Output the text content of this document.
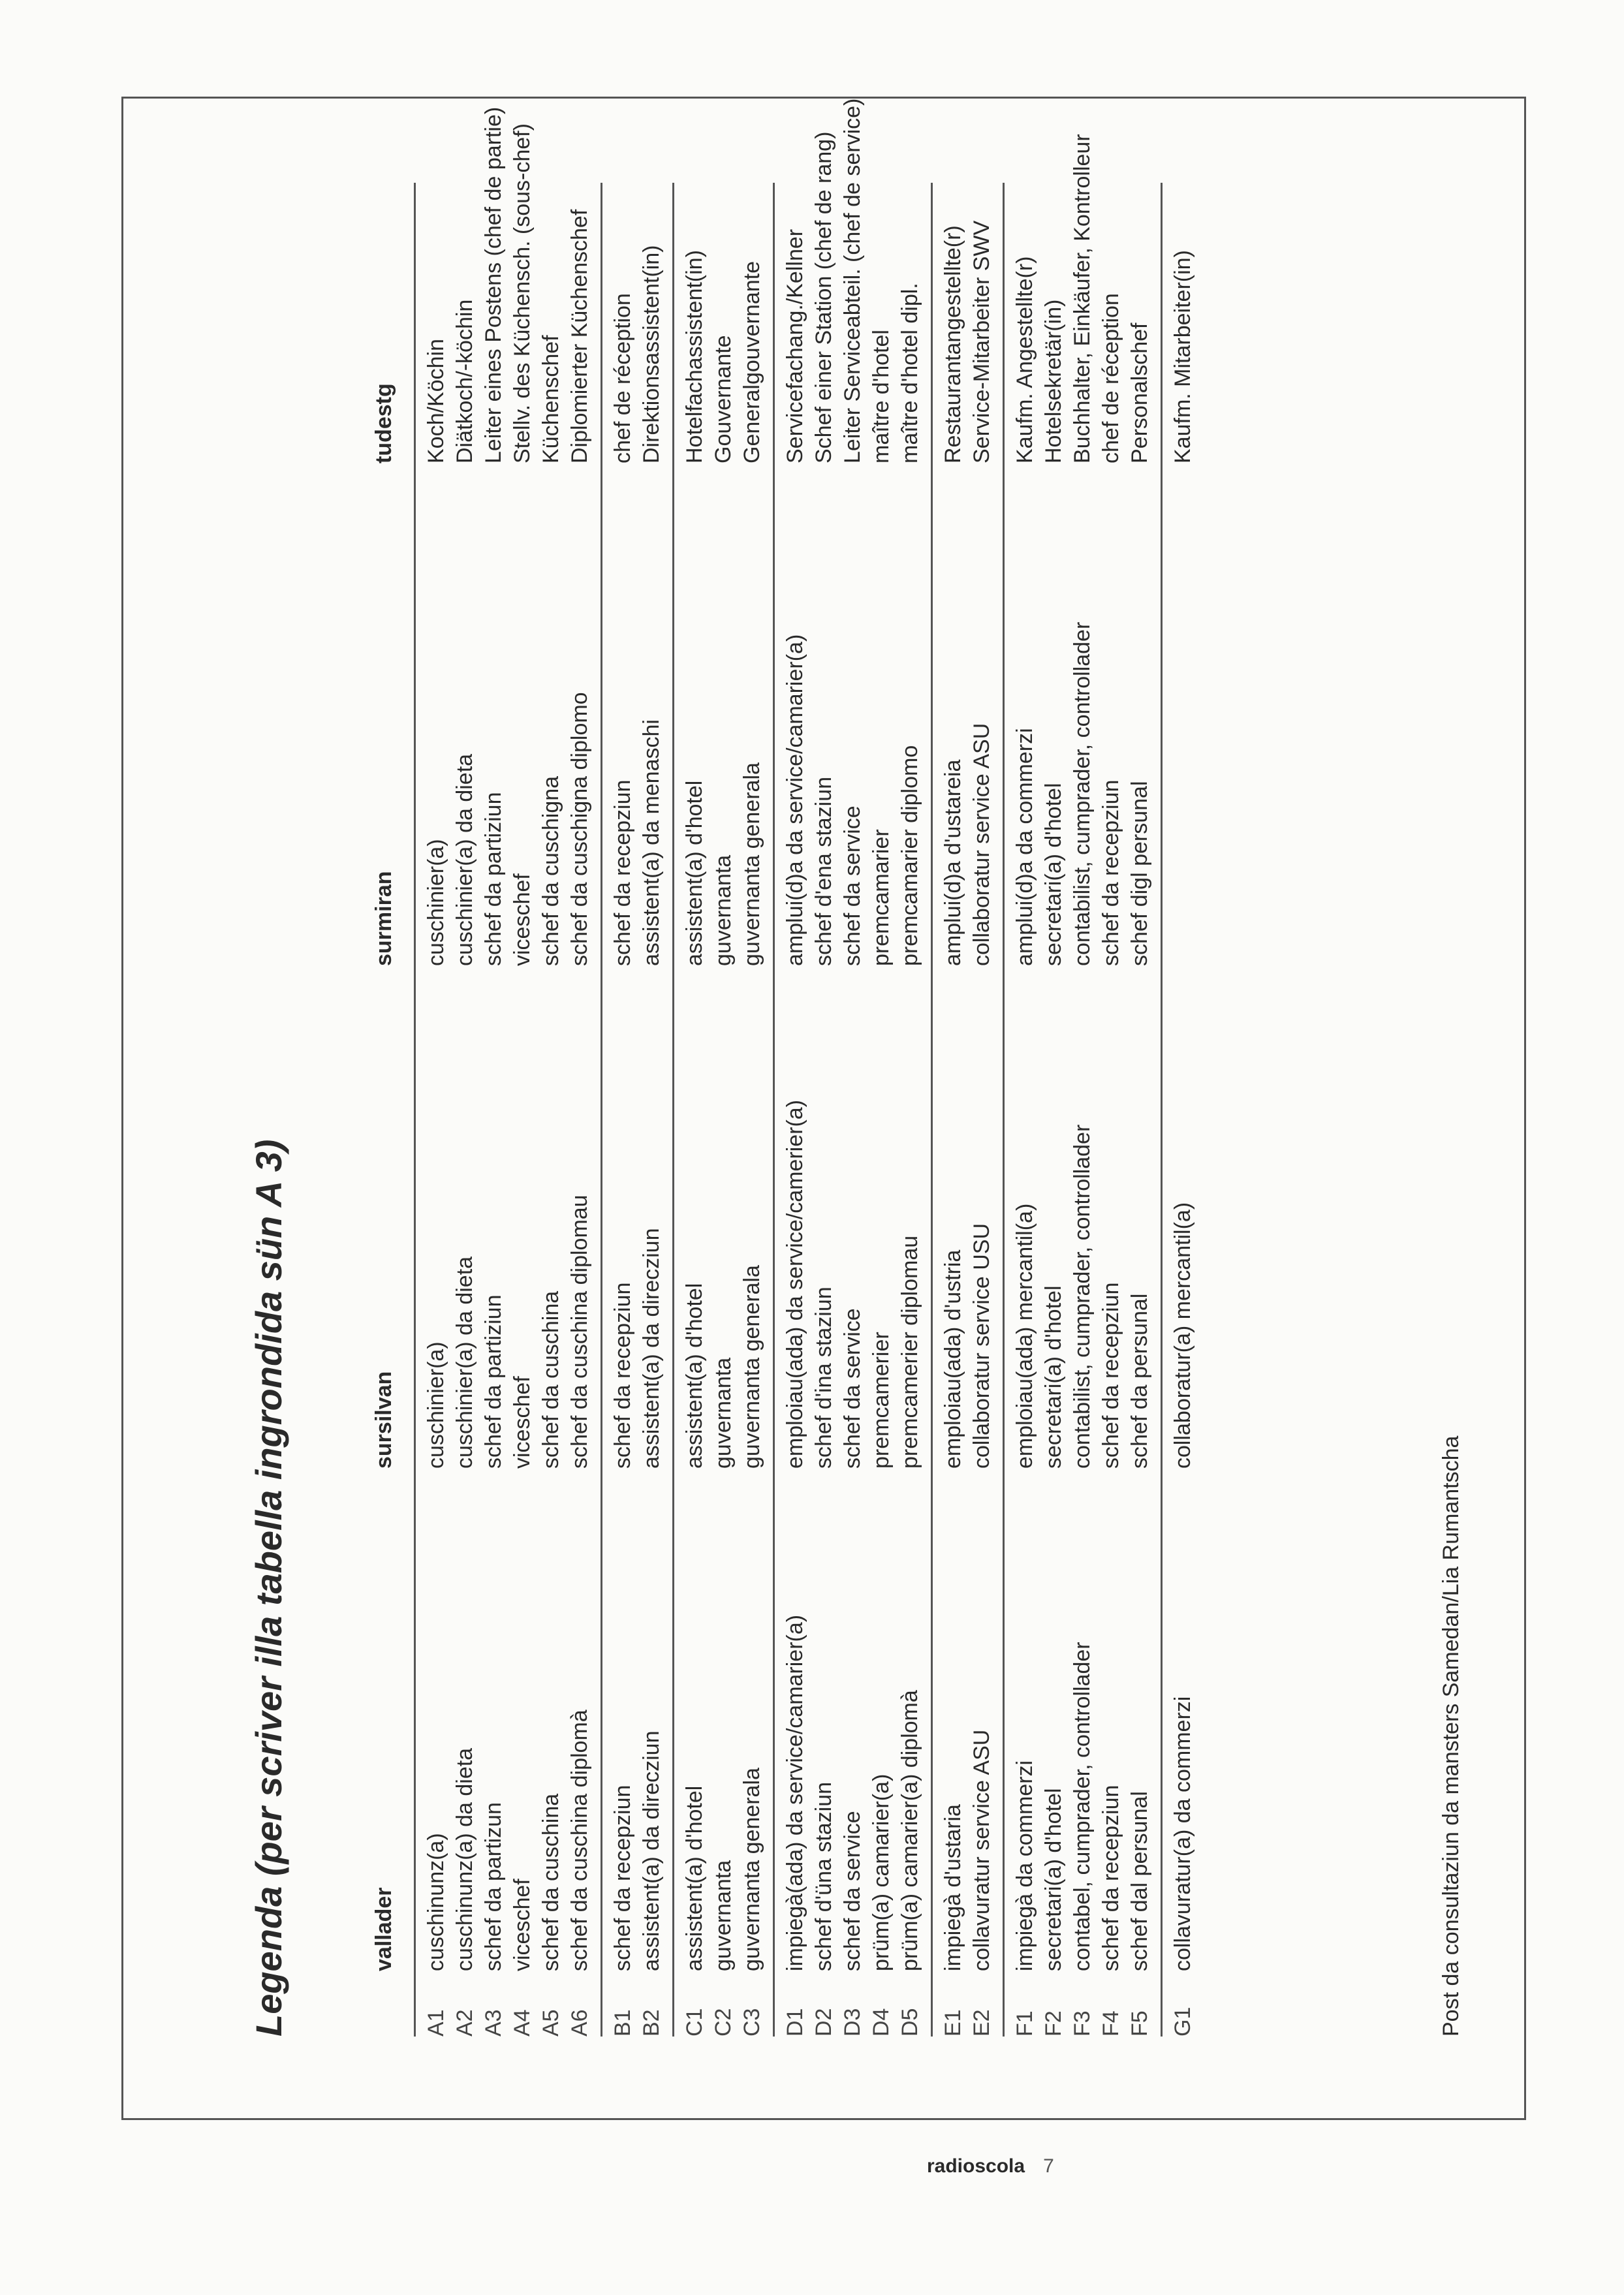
Legenda (per scriver illa tabella ingrondida sün A 3)	vallader
sursilvan
surmiran
tudestg
A1
cuschinunz(a)
cuschinier(a)
cuschinier(a)
Koch/Köchin
A2
cuschinunz(a) da dieta
cuschinier(a) da dieta
cuschinier(a) da dieta
Diätkoch/-köchin
A3
schef da partizun
schef da partiziun
schef da partiziun
Leiter eines Postens (chef de partie)
A4
viceschef
viceschef
viceschef
Stellv. des Küchensch. (sous-chef)
A5
schef da cuschina
schef da cuschina
schef da cuschigna
Küchenschef
A6
schef da cuschina diplomà
schef da cuschina diplomau
schef da cuschigna diplomo
Diplomierter Küchenschef
B1
schef da recepziun
schef da recepziun
schef da recepziun
chef de réception
B2
assistent(a) da direcziun
assistent(a) da direcziun
assistent(a) da menaschi
Direktionsassistent(in)
C1
assistent(a) d'hotel
assistent(a) d'hotel
assistent(a) d'hotel
Hotelfachassistent(in)
C2
guvernanta
guvernanta
guvernanta
Gouvernante
C3
guvernanta generala
guvernanta generala
guvernanta generala
Generalgouvernante
D1
impiegà(ada) da service/camarier(a)
emploiau(ada) da service/camerier(a)
amplui(d)a da service/camarier(a)
Servicefachang./Kellner
D2
schef d'üna staziun
schef d'ina staziun
schef d'ena staziun
Schef einer Station (chef de rang)
D3
schef da service
schef da service
schef da service
Leiter Serviceabteil. (chef de service)
D4
prüm(a) camarier(a)
premcamerier
premcamarier
maître d'hotel
D5
prüm(a) camarier(a) diplomà
premcamerier diplomau
premcamarier diplomo
maître d'hotel dipl.
E1
impiegà d'ustaria
emploiau(ada) d'ustria
amplui(d)a d'ustareia
Restaurantangestellte(r)
E2
collavuratur service ASU
collaboratur service USU
collaboratur service ASU
Service-Mitarbeiter SWV
F1
impiegà da commerzi
emploiau(ada) mercantil(a)
amplui(d)a da commerzi
Kaufm. Angestellte(r)
F2
secretari(a) d'hotel
secretari(a) d'hotel
secretari(a) d'hotel
Hotelsekretär(in)
F3
contabel, cumprader, controllader
contabilist, cumprader, controllader
contabilist, cumprader, controllader
Buchhalter, Einkäufer, Kontrolleur
F4
schef da recepziun
schef da recepziun
schef da recepziun
chef de réception
F5
schef dal persunal
schef da persunal
schef digl persunal
Personalschef
G1
collavuratur(a) da commerzi
collaboratur(a) mercantil(a)
Kaufm. Mitarbeiter(in)
Post da consultaziun da mansters Samedan/Lia Rumantscha
radioscola 7
